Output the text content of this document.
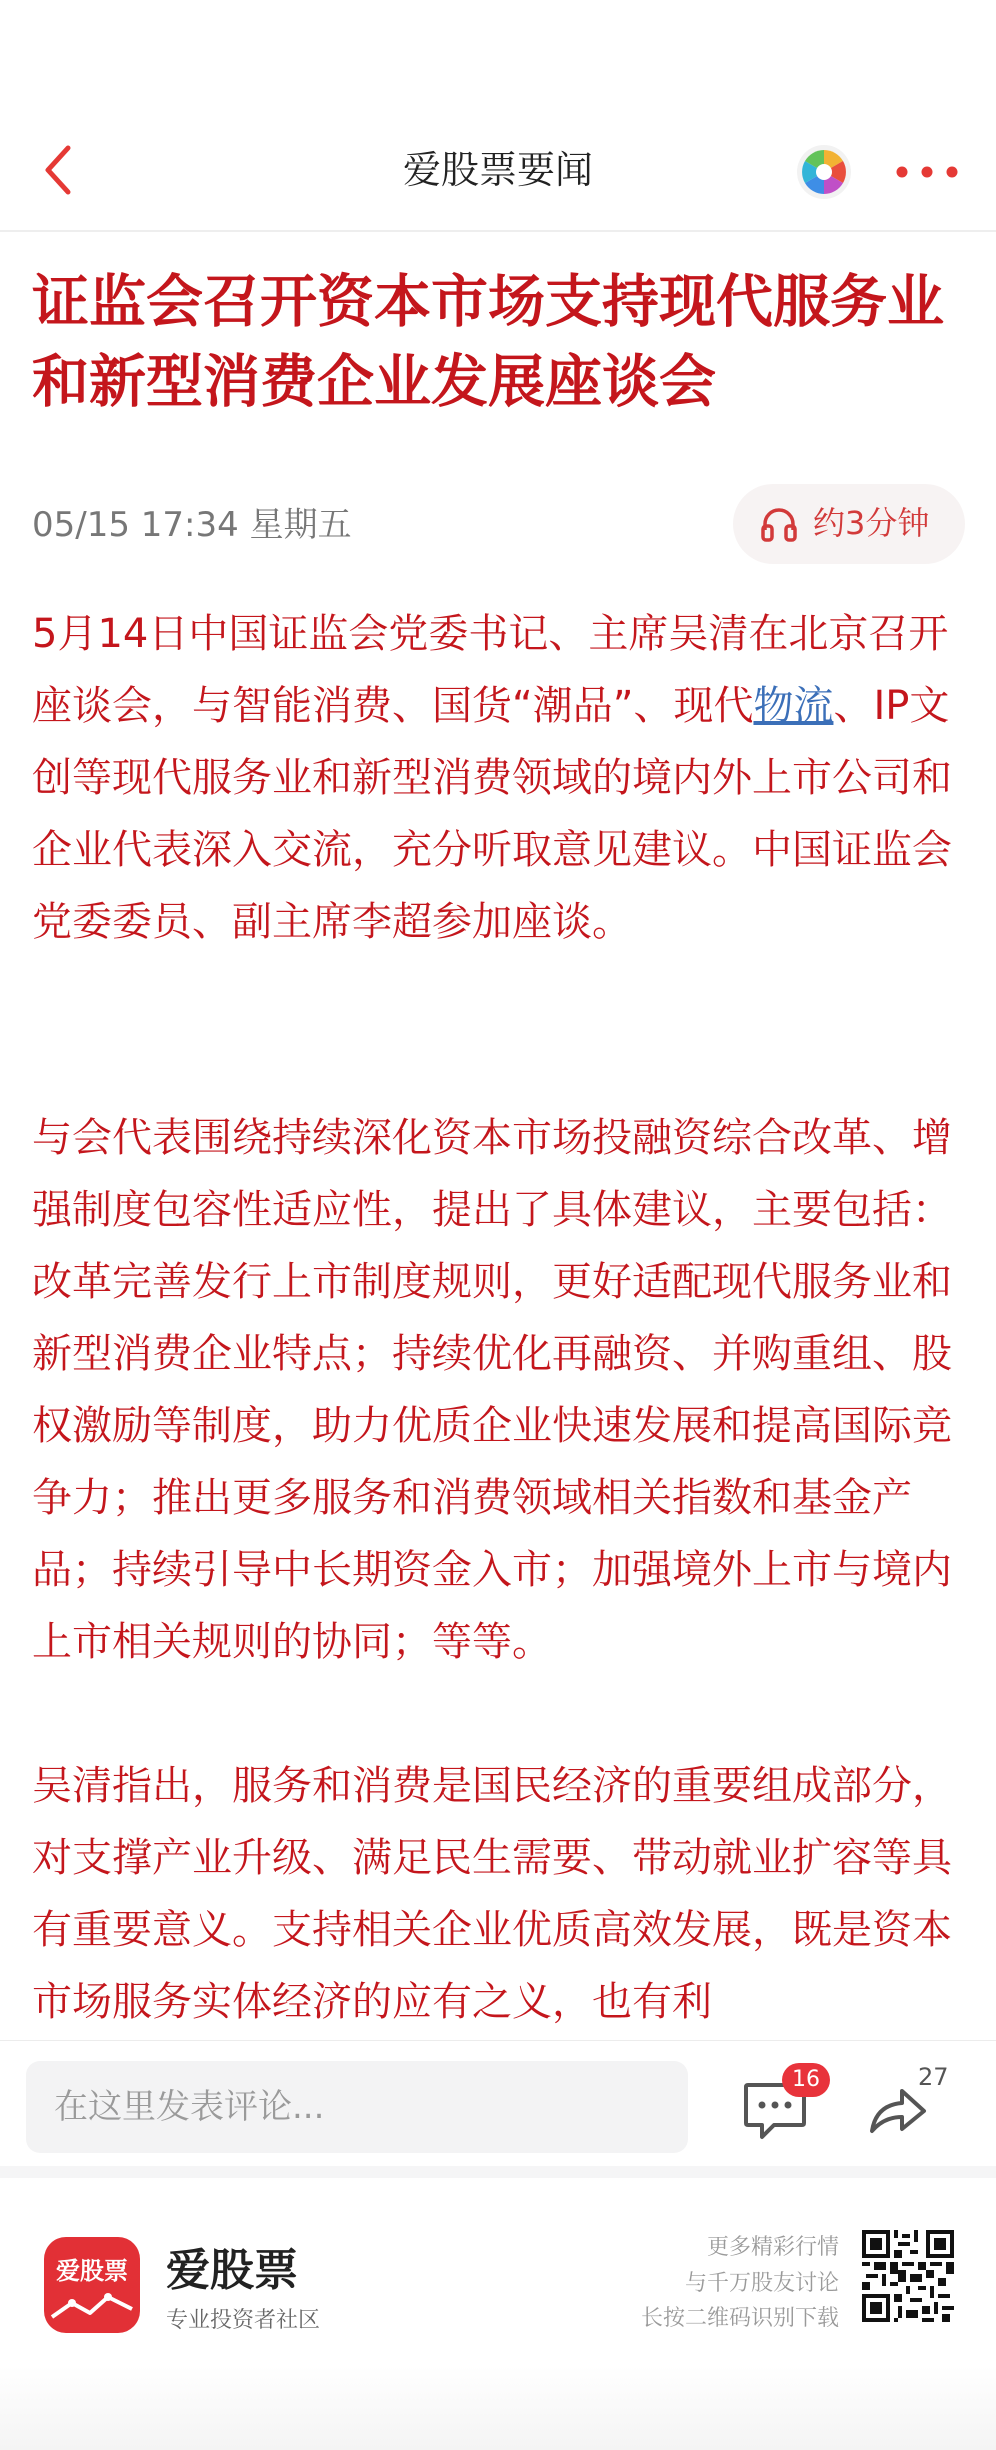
爱股票要闻
证监会召开资本市场支持现代服务业和新型消费企业发展座谈会
05/15 17:34 星期五	约3分钟
5月14日中国证监会党委书记、主席吴清在北京召开座谈会，与智能消费、国货“潮品”、现代物流、IP文创等现代服务业和新型消费领域的境内外上市公司和企业代表深入交流，充分听取意见建议。中国证监会党委委员、副主席李超参加座谈。
与会代表围绕持续深化资本市场投融资综合改革、增强制度包容性适应性，提出了具体建议，主要包括：改革完善发行上市制度规则，更好适配现代服务业和新型消费企业特点；持续优化再融资、并购重组、股权激励等制度，助力优质企业快速发展和提高国际竞争力；推出更多服务和消费领域相关指数和基金产品；持续引导中长期资金入市；加强境外上市与境内上市相关规则的协同；等等。
吴清指出，服务和消费是国民经济的重要组成部分，对支撑产业升级、满足民生需要、带动就业扩容等具有重要意义。支持相关企业优质高效发展，既是资本市场服务实体经济的应有之义，也有利
在这里发表评论...
16	27
爱股票 爱股票
专业投资者社区
更多精彩行情
与千万股友讨论
长按二维码识别下载
